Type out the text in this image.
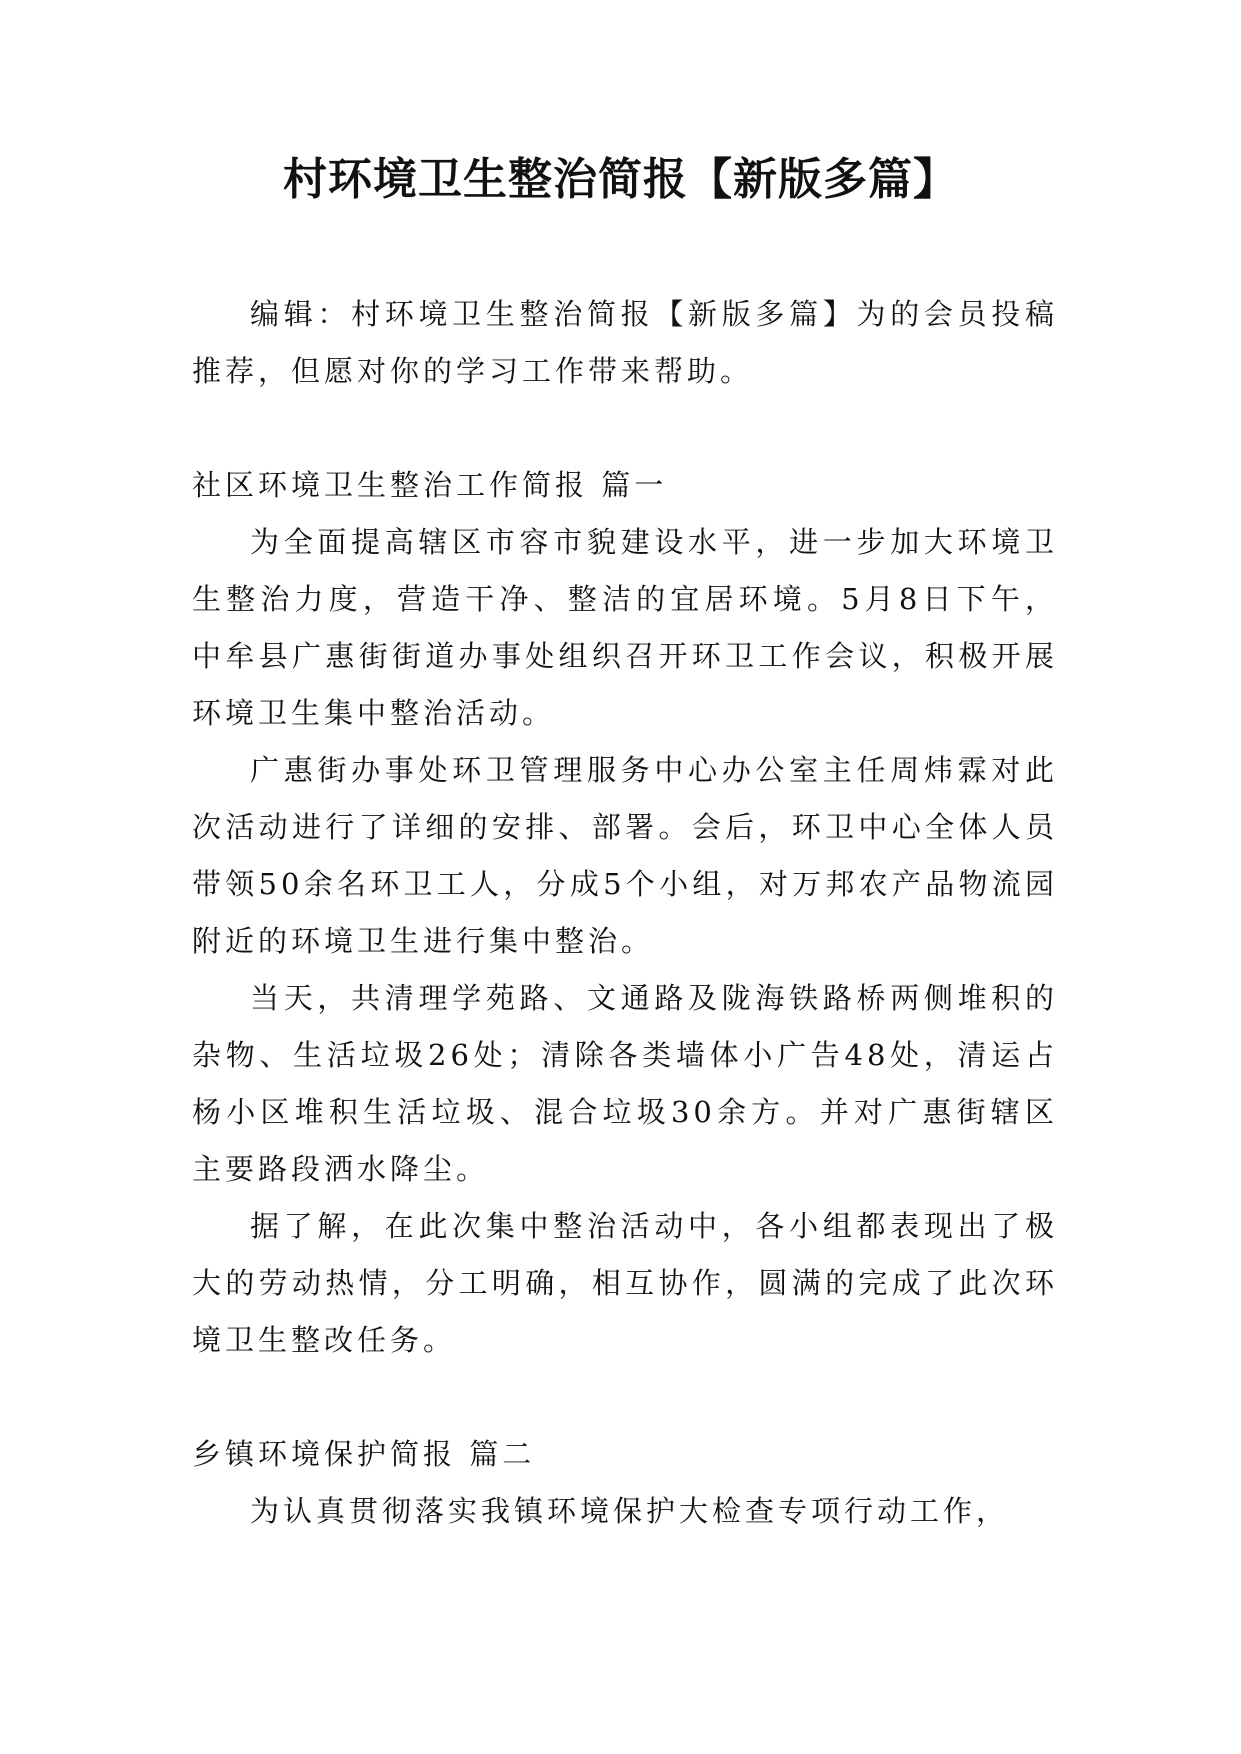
村环境卫生整治简报【新版多篇】

编辑：村环境卫生整治简报【新版多篇】为的会员投稿推荐，但愿对你的学习工作带来帮助。

社区环境卫生整治工作简报 篇一

为全面提高辖区市容市貌建设水平，进一步加大环境卫生整治力度，营造干净、整洁的宜居环境。5月8日下午，中牟县广惠街街道办事处组织召开环卫工作会议，积极开展环境卫生集中整治活动。

广惠街办事处环卫管理服务中心办公室主任周炜霖对此次活动进行了详细的安排、部署。会后，环卫中心全体人员带领50余名环卫工人，分成5个小组，对万邦农产品物流园附近的环境卫生进行集中整治。

当天，共清理学苑路、文通路及陇海铁路桥两侧堆积的杂物、生活垃圾26处；清除各类墙体小广告48处，清运占杨小区堆积生活垃圾、混合垃圾30余方。并对广惠街辖区主要路段洒水降尘。

据了解，在此次集中整治活动中，各小组都表现出了极大的劳动热情，分工明确，相互协作，圆满的完成了此次环境卫生整改任务。

乡镇环境保护简报 篇二

为认真贯彻落实我镇环境保护大检查专项行动工作，
